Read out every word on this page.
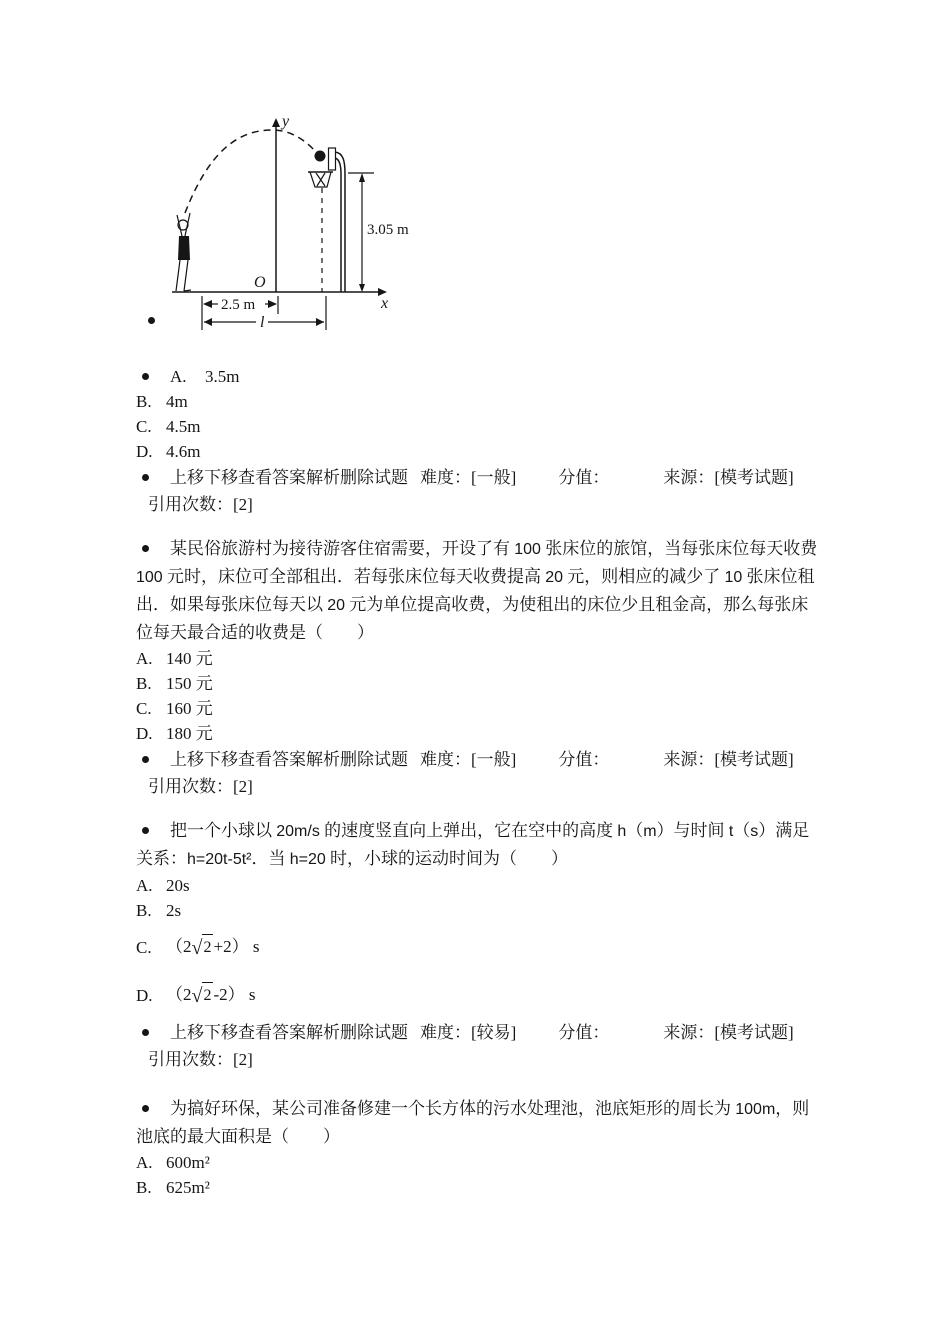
3.05 m
2.5 m
l
y
x
O
A. 3.5m
B. 4m
C. 4.5m
D. 4.6m

上移下移查看答案解析删除试题 难度：[一般] 分值：	来源：[模考试题]引用次数：[2]

某民俗旅游村为接待游客住宿需要，开设了有 100 张床位的旅馆，当每张床位每天收费 100 元时，床位可全部租出．若每张床位每天收费提高 20 元，则相应的减少了 10 张床位租出．如果每张床位每天以 20 元为单位提高收费，为使租出的床位少且租金高，那么每张床位每天最合适的收费是（　　）

A. 140 元
B. 150 元
C. 160 元
D. 180 元

上移下移查看答案解析删除试题 难度：[一般] 分值：	来源：[模考试题]引用次数：[2]

把一个小球以 20m/s 的速度竖直向上弹出，它在空中的高度 h（m）与时间 t（s）满足关系：h=20t-5t²．当 h=20 时，小球的运动时间为（　　）

A. 20s
B. 2s
C. （2√2 +2） s
D. （2√2 -2） s

上移下移查看答案解析删除试题 难度：[较易] 分值：	来源：[模考试题]引用次数：[2]

为搞好环保，某公司准备修建一个长方体的污水处理池，池底矩形的周长为 100m，则池底的最大面积是（　　）

A. 600m²
B. 625m²
